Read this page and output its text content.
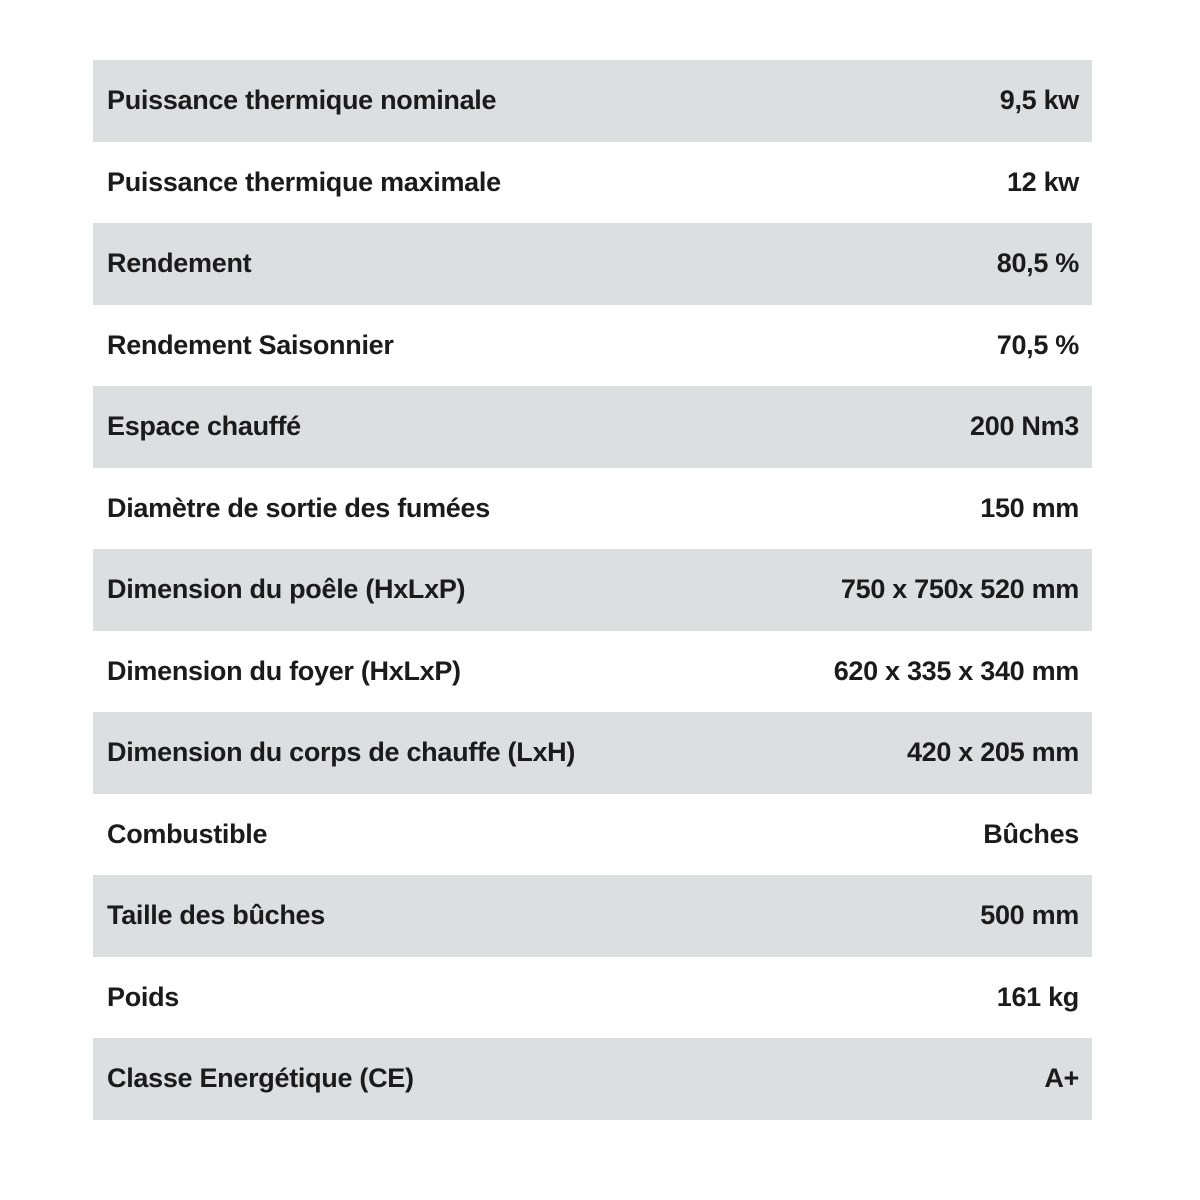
Puissance thermique nominale	9,5 kw
Puissance thermique maximale	12 kw
Rendement	80,5 %
Rendement Saisonnier	70,5 %
Espace chauffé	200 Nm3
Diamètre de sortie des fumées	150 mm
Dimension du poêle (HxLxP)	750 x 750x 520 mm
Dimension du foyer (HxLxP)	620 x 335 x 340 mm
Dimension du corps de chauffe (LxH)	420 x 205 mm
Combustible	Bûches
Taille des bûches	500 mm
Poids	161 kg
Classe Energétique (CE)	A+
